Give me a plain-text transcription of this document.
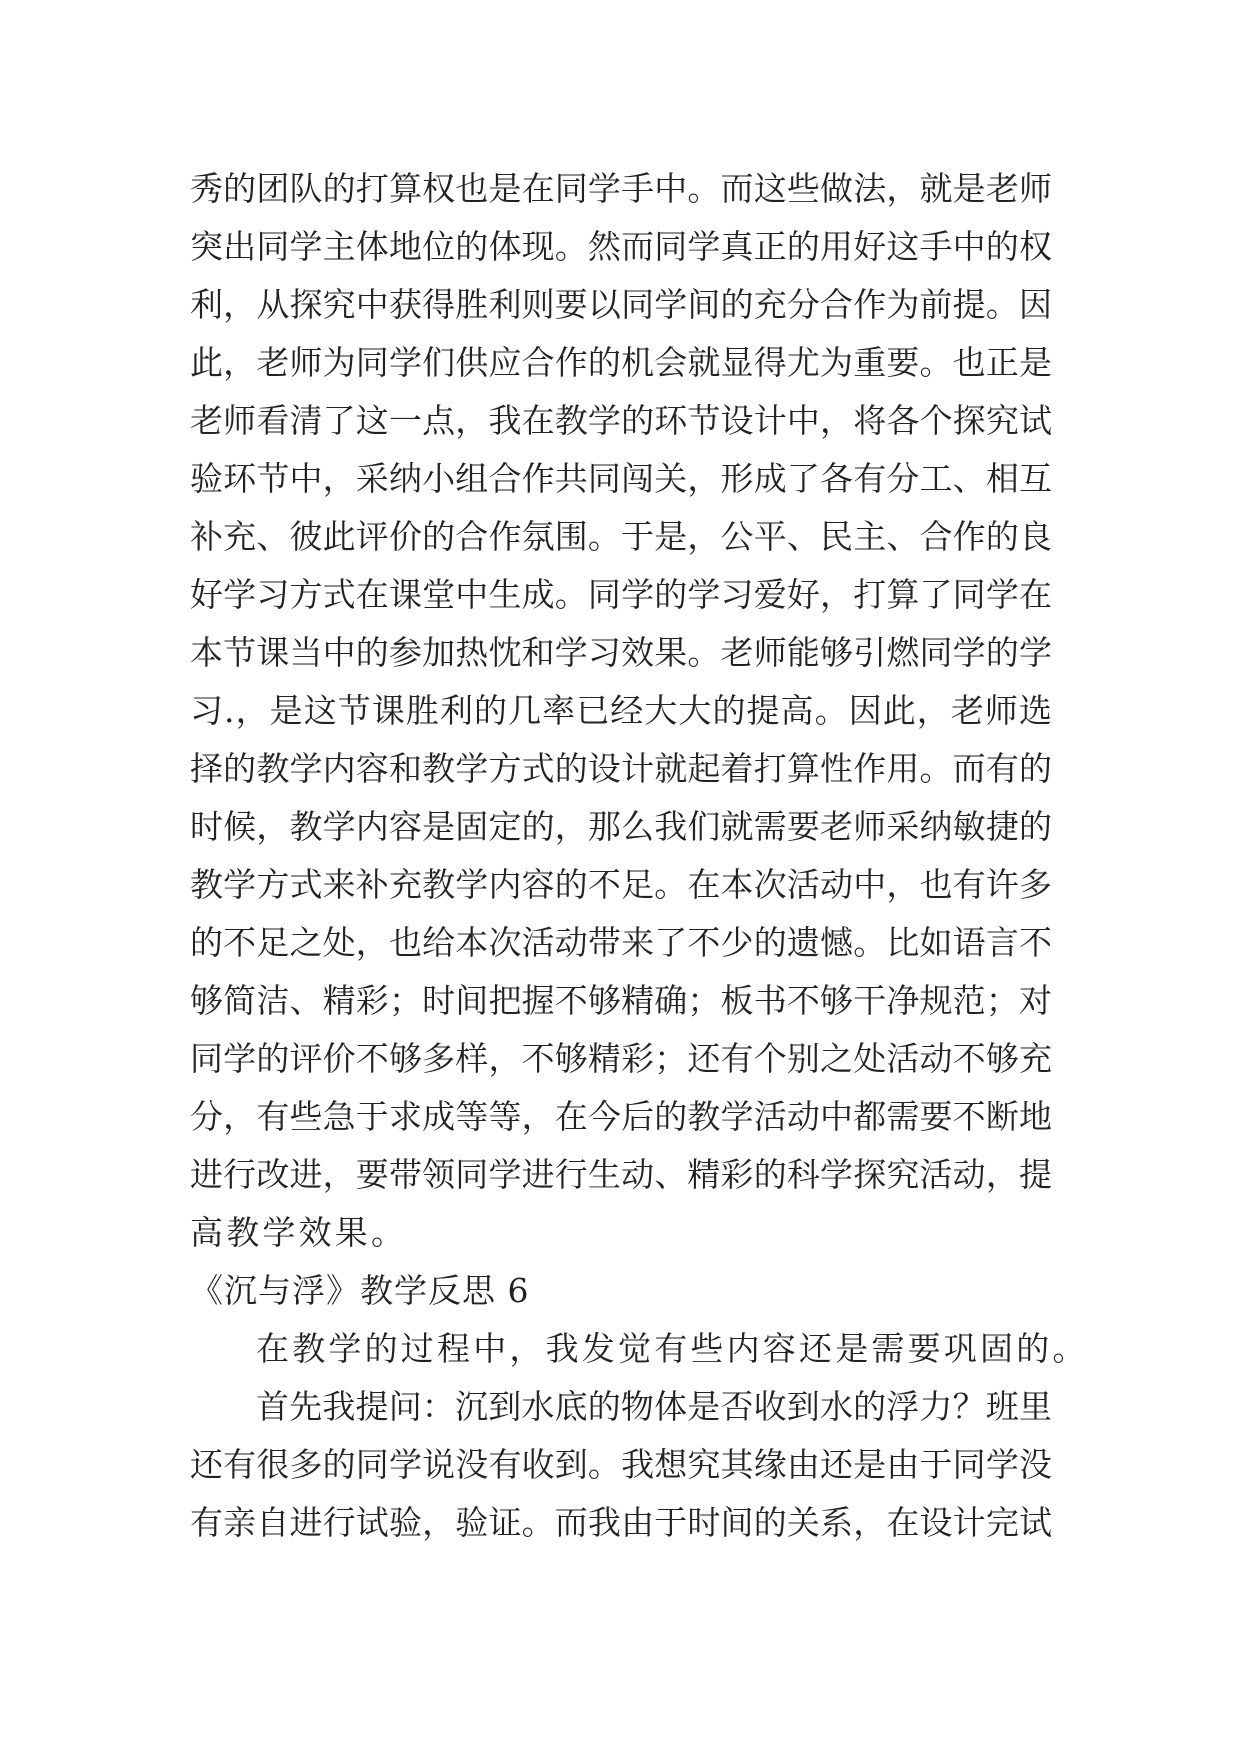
秀的团队的打算权也是在同学手中。而这些做法，就是老师
突出同学主体地位的体现。然而同学真正的用好这手中的权
利，从探究中获得胜利则要以同学间的充分合作为前提。因
此，老师为同学们供应合作的机会就显得尤为重要。也正是
老师看清了这一点，我在教学的环节设计中，将各个探究试
验环节中，采纳小组合作共同闯关，形成了各有分工、相互
补充、彼此评价的合作氛围。于是，公平、民主、合作的良
好学习方式在课堂中生成。同学的学习爱好，打算了同学在
本节课当中的参加热忱和学习效果。老师能够引燃同学的学
习.，是这节课胜利的几率已经大大的提高。因此，老师选
择的教学内容和教学方式的设计就起着打算性作用。而有的
时候，教学内容是固定的，那么我们就需要老师采纳敏捷的
教学方式来补充教学内容的不足。在本次活动中，也有许多
的不足之处，也给本次活动带来了不少的遗憾。比如语言不
够简洁、精彩；时间把握不够精确；板书不够干净规范；对
同学的评价不够多样，不够精彩；还有个别之处活动不够充
分，有些急于求成等等，在今后的教学活动中都需要不断地
进行改进，要带领同学进行生动、精彩的科学探究活动，提
高教学效果。
《沉与浮》教学反思 6
在教学的过程中，我发觉有些内容还是需要巩固的。
首先我提问：沉到水底的物体是否收到水的浮力？班里
还有很多的同学说没有收到。我想究其缘由还是由于同学没
有亲自进行试验，验证。而我由于时间的关系，在设计完试
